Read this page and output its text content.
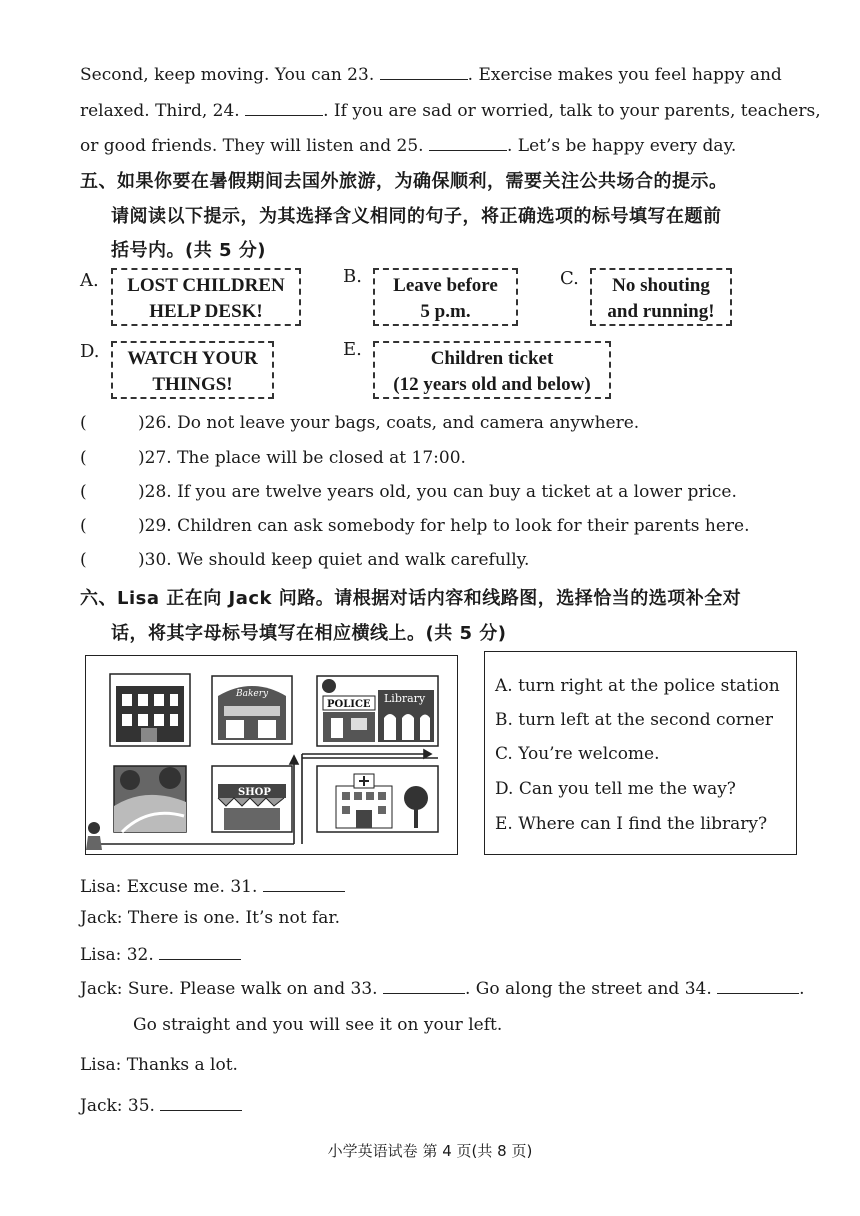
Second, keep moving. You can 23.	. Exercise makes you feel happy and
relaxed. Third, 24.	. If you are sad or worried, talk to your parents, teachers,
or good friends. They will listen and 25.	. Let’s be happy every day.
五、如果你要在暑假期间去国外旅游，为确保顺利，需要关注公共场合的提示。
请阅读以下提示，为其选择含义相同的句子，将正确选项的标号填写在题前
括号内。(共 5 分)
A.	LOST CHILDREN
HELP DESK!
B.	Leave before
5 p.m.
C.	No shouting
and running!
D.	WATCH YOUR
THINGS!
E.	Children ticket
(12 years old and below)
(	)26. Do not leave your bags, coats, and camera anywhere.
(	)27. The place will be closed at 17:00.
(	)28. If you are twelve years old, you can buy a ticket at a lower price.
(	)29. Children can ask somebody for help to look for their parents here.
(	)30. We should keep quiet and walk carefully.
六、Lisa 正在向 Jack 问路。请根据对话内容和线路图，选择恰当的选项补全对
话，将其字母标号填写在相应横线上。(共 5 分)
Bakery
POLICE Library
SHOP
A. turn right at the police station
B. turn left at the second corner
C. You’re welcome.
D. Can you tell me the way?
E. Where can I find the library?
Lisa: Excuse me. 31.
Jack: There is one. It’s not far.
Lisa: 32.
Jack: Sure. Please walk on and 33.	. Go along the street and 34.	.
Go straight and you will see it on your left.
Lisa: Thanks a lot.
Jack: 35.
小学英语试卷 第 4 页(共 8 页)
